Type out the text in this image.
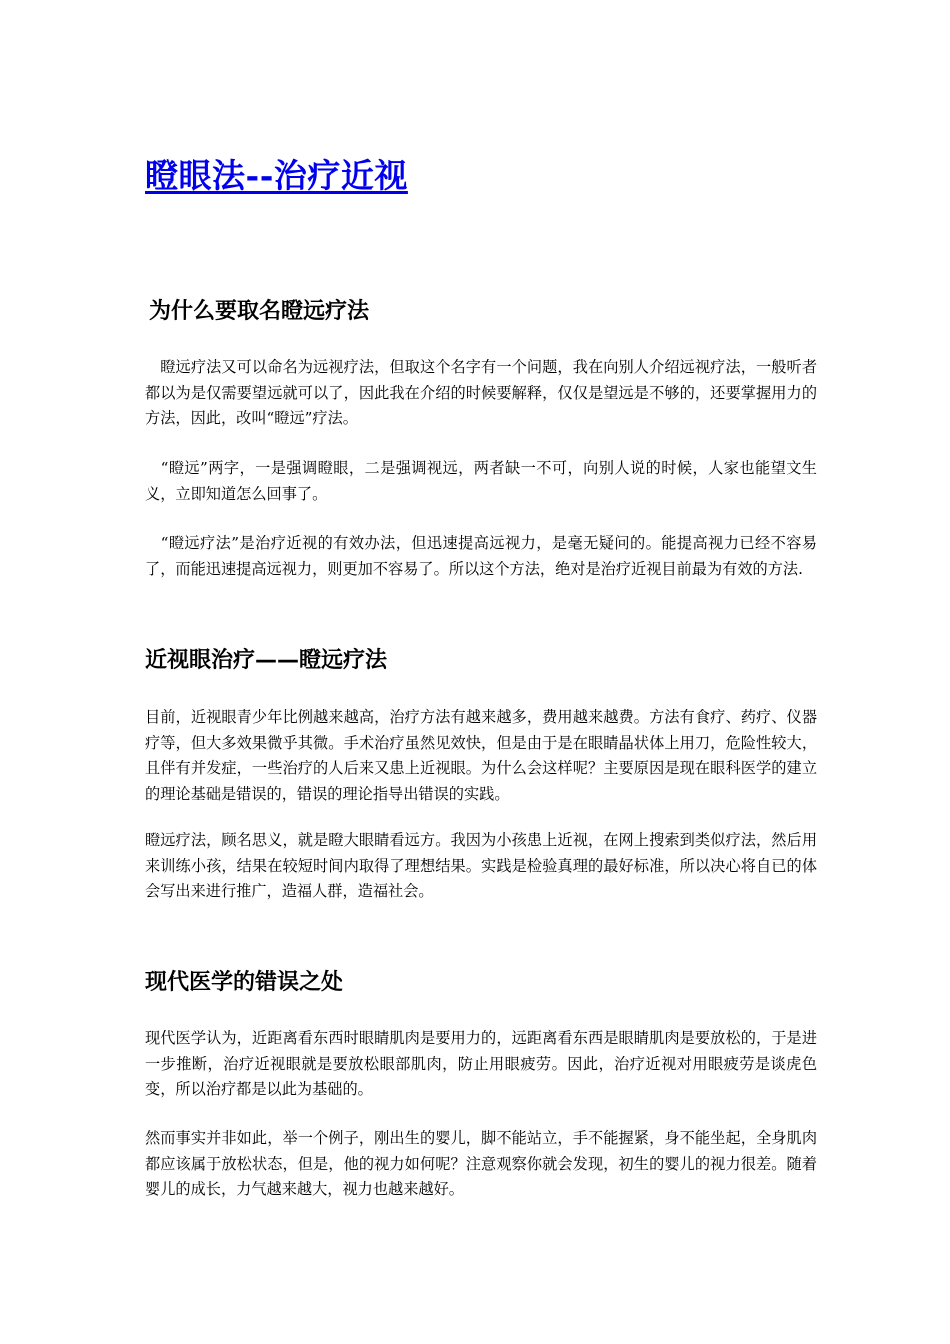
瞪眼法--治疗近视
为什么要取名瞪远疗法

　瞪远疗法又可以命名为远视疗法，但取这个名字有一个问题，我在向别人介绍远视疗法，一般听者都以为是仅需要望远就可以了，因此我在介绍的时候要解释，仅仅是望远是不够的，还要掌握用力的方法，因此，改叫“瞪远”疗法。

　“瞪远”两字，一是强调瞪眼，二是强调视远，两者缺一不可，向别人说的时候，人家也能望文生义，立即知道怎么回事了。

　“瞪远疗法”是治疗近视的有效办法，但迅速提高远视力，是毫无疑问的。能提高视力已经不容易了，而能迅速提高远视力，则更加不容易了。所以这个方法，绝对是治疗近视目前最为有效的方法.

近视眼治疗——瞪远疗法

目前，近视眼青少年比例越来越高，治疗方法有越来越多，费用越来越费。方法有食疗、药疗、仪器疗等，但大多效果微乎其微。手术治疗虽然见效快，但是由于是在眼睛晶状体上用刀，危险性较大，且伴有并发症，一些治疗的人后来又患上近视眼。为什么会这样呢？主要原因是现在眼科医学的建立的理论基础是错误的，错误的理论指导出错误的实践。

瞪远疗法，顾名思义，就是瞪大眼睛看远方。我因为小孩患上近视，在网上搜索到类似疗法，然后用来训练小孩，结果在较短时间内取得了理想结果。实践是检验真理的最好标准，所以决心将自已的体会写出来进行推广，造福人群，造福社会。

现代医学的错误之处

现代医学认为，近距离看东西时眼睛肌肉是要用力的，远距离看东西是眼睛肌肉是要放松的，于是进一步推断，治疗近视眼就是要放松眼部肌肉，防止用眼疲劳。因此，治疗近视对用眼疲劳是谈虎色变，所以治疗都是以此为基础的。

然而事实并非如此，举一个例子，刚出生的婴儿，脚不能站立，手不能握紧，身不能坐起，全身肌肉都应该属于放松状态，但是，他的视力如何呢？注意观察你就会发现，初生的婴儿的视力很差。随着婴儿的成长，力气越来越大，视力也越来越好。
